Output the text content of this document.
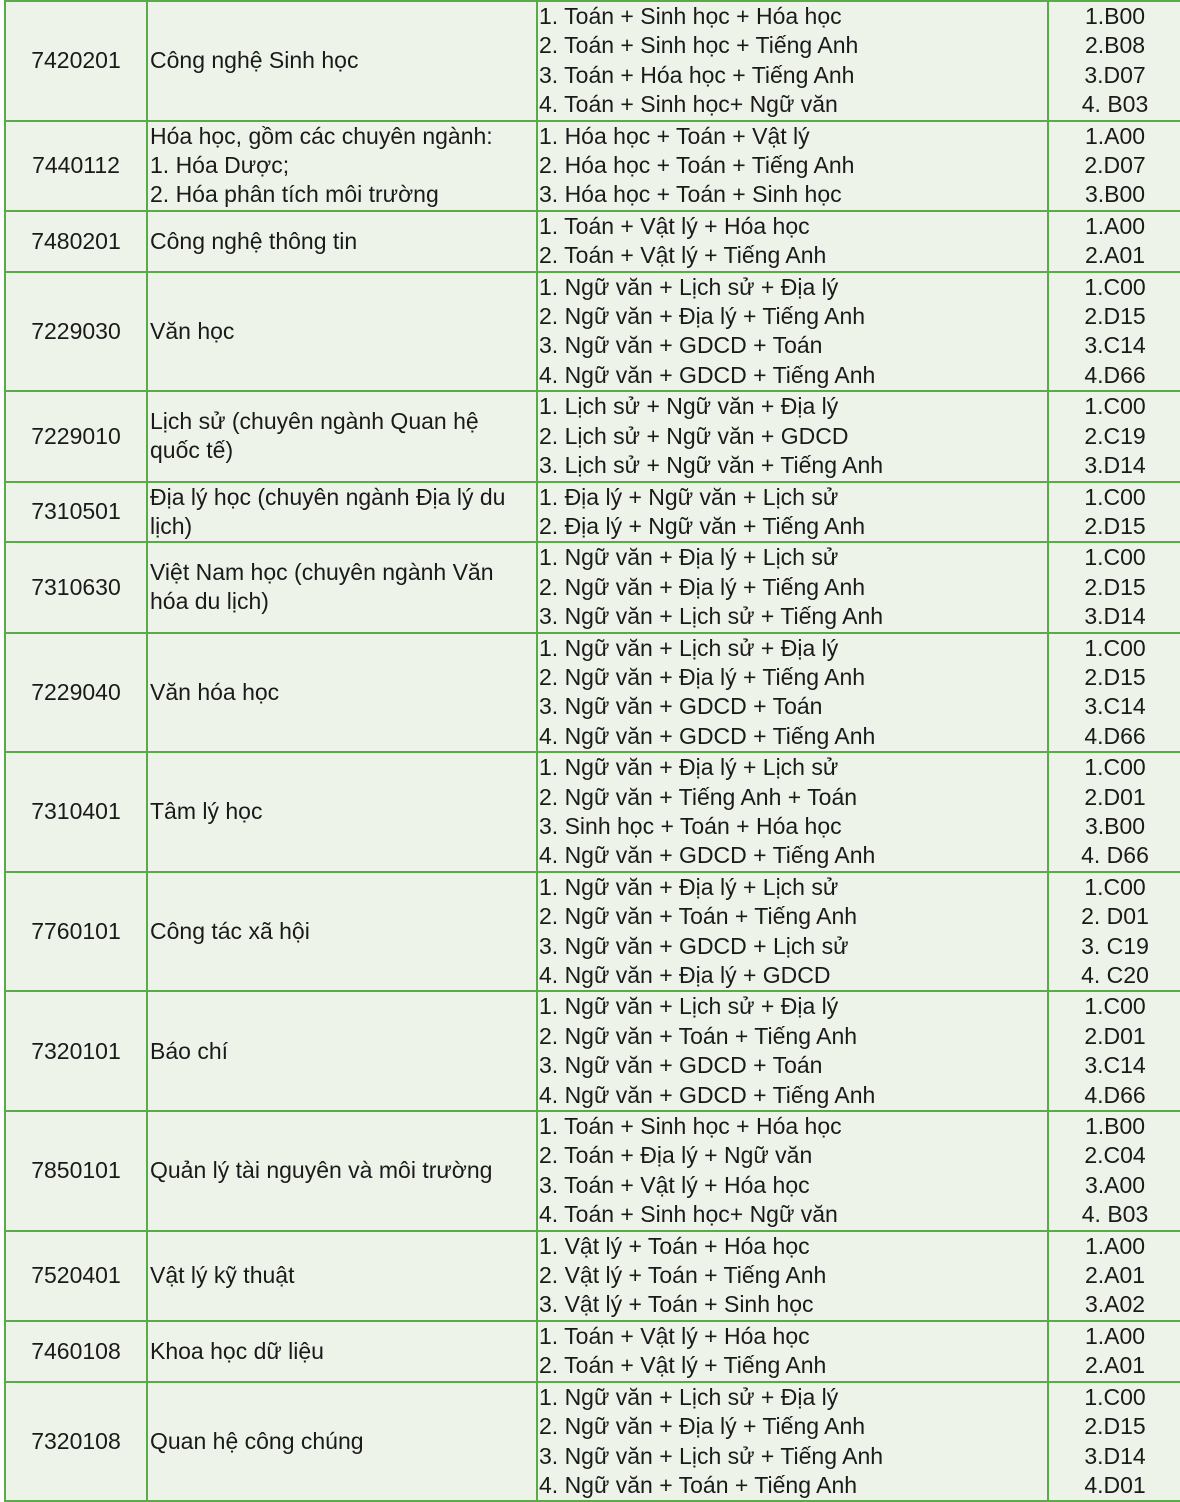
7420201	Công nghệ Sinh học	1. Toán + Sinh học + Hóa học
2. Toán + Sinh học + Tiếng Anh
3. Toán + Hóa học + Tiếng Anh
4. Toán + Sinh học+ Ngữ văn	1.B00
2.B08
3.D07
4. B03

7440112	Hóa học, gồm các chuyên ngành:
1. Hóa Dược;
2. Hóa phân tích môi trường	1. Hóa học + Toán + Vật lý
2. Hóa học + Toán + Tiếng Anh
3. Hóa học + Toán + Sinh học	1.A00
2.D07
3.B00

7480201	Công nghệ thông tin	1. Toán + Vật lý + Hóa học
2. Toán + Vật lý + Tiếng Anh	1.A00
2.A01

7229030	Văn học	1. Ngữ văn + Lịch sử + Địa lý
2. Ngữ văn + Địa lý + Tiếng Anh
3. Ngữ văn + GDCD + Toán
4. Ngữ văn + GDCD + Tiếng Anh	1.C00
2.D15
3.C14
4.D66

7229010	Lịch sử (chuyên ngành Quan hệ
quốc tế)	1. Lịch sử + Ngữ văn + Địa lý
2. Lịch sử + Ngữ văn + GDCD
3. Lịch sử + Ngữ văn + Tiếng Anh	1.C00
2.C19
3.D14

7310501	Địa lý học (chuyên ngành Địa lý du
lịch)	1. Địa lý + Ngữ văn + Lịch sử
2. Địa lý + Ngữ văn + Tiếng Anh	1.C00
2.D15

7310630	Việt Nam học (chuyên ngành Văn
hóa du lịch)	1. Ngữ văn + Địa lý + Lịch sử
2. Ngữ văn + Địa lý + Tiếng Anh
3. Ngữ văn + Lịch sử + Tiếng Anh	1.C00
2.D15
3.D14

7229040	Văn hóa học	1. Ngữ văn + Lịch sử + Địa lý
2. Ngữ văn + Địa lý + Tiếng Anh
3. Ngữ văn + GDCD + Toán
4. Ngữ văn + GDCD + Tiếng Anh	1.C00
2.D15
3.C14
4.D66

7310401	Tâm lý học	1. Ngữ văn + Địa lý + Lịch sử
2. Ngữ văn + Tiếng Anh + Toán
3. Sinh học + Toán + Hóa học
4. Ngữ văn + GDCD + Tiếng Anh	1.C00
2.D01
3.B00
4. D66

7760101	Công tác xã hội	1. Ngữ văn + Địa lý + Lịch sử
2. Ngữ văn + Toán + Tiếng Anh
3. Ngữ văn + GDCD + Lịch sử
4. Ngữ văn + Địa lý + GDCD	1.C00
2. D01
3. C19
4. C20

7320101	Báo chí	1. Ngữ văn + Lịch sử + Địa lý
2. Ngữ văn + Toán + Tiếng Anh
3. Ngữ văn + GDCD + Toán
4. Ngữ văn + GDCD + Tiếng Anh	1.C00
2.D01
3.C14
4.D66

7850101	Quản lý tài nguyên và môi trường	1. Toán + Sinh học + Hóa học
2. Toán + Địa lý + Ngữ văn
3. Toán + Vật lý + Hóa học
4. Toán + Sinh học+ Ngữ văn	1.B00
2.C04
3.A00
4. B03

7520401	Vật lý kỹ thuật	1. Vật lý + Toán + Hóa học
2. Vật lý + Toán + Tiếng Anh
3. Vật lý + Toán + Sinh học	1.A00
2.A01
3.A02

7460108	Khoa học dữ liệu	1. Toán + Vật lý + Hóa học
2. Toán + Vật lý + Tiếng Anh	1.A00
2.A01

7320108	Quan hệ công chúng	1. Ngữ văn + Lịch sử + Địa lý
2. Ngữ văn + Địa lý + Tiếng Anh
3. Ngữ văn + Lịch sử + Tiếng Anh
4. Ngữ văn + Toán + Tiếng Anh	1.C00
2.D15
3.D14
4.D01
